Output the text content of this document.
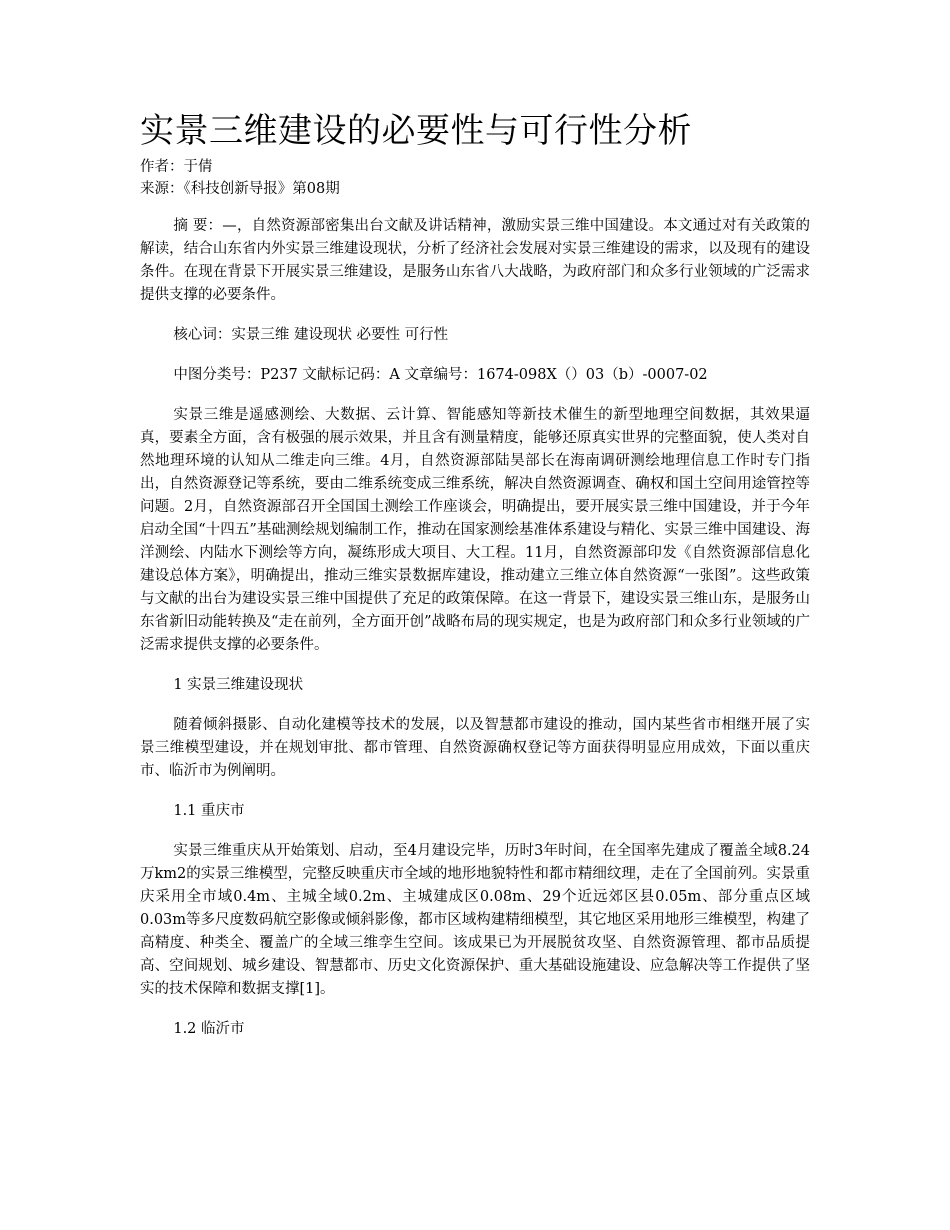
实景三维建设的必要性与可行性分析

作者：于倩

来源：《科技创新导报》第08期

摘 要：—，自然资源部密集出台文献及讲话精神，激励实景三维中国建设。本文通过对有关政策的解读，结合山东省内外实景三维建设现状，分析了经济社会发展对实景三维建设的需求，以及现有的建设条件。在现在背景下开展实景三维建设，是服务山东省八大战略，为政府部门和众多行业领域的广泛需求提供支撑的必要条件。

核心词：实景三维 建设现状 必要性 可行性

中图分类号：P237 文献标记码：A 文章编号：1674-098X（）03（b）-0007-02

实景三维是遥感测绘、大数据、云计算、智能感知等新技术催生的新型地理空间数据，其效果逼真，要素全方面，含有极强的展示效果，并且含有测量精度，能够还原真实世界的完整面貌，使人类对自然地理环境的认知从二维走向三维。4月，自然资源部陆昊部长在海南调研测绘地理信息工作时专门指出，自然资源登记等系统，要由二维系统变成三维系统，解决自然资源调查、确权和国土空间用途管控等问题。2月，自然资源部召开全国国土测绘工作座谈会，明确提出，要开展实景三维中国建设，并于今年启动全国“十四五”基础测绘规划编制工作，推动在国家测绘基准体系建设与精化、实景三维中国建设、海洋测绘、内陆水下测绘等方向，凝练形成大项目、大工程。11月，自然资源部印发《自然资源部信息化建设总体方案》，明确提出，推动三维实景数据库建设，推动建立三维立体自然资源“一张图”。这些政策与文献的出台为建设实景三维中国提供了充足的政策保障。在这一背景下，建设实景三维山东，是服务山东省新旧动能转换及“走在前列，全方面开创”战略布局的现实规定，也是为政府部门和众多行业领域的广泛需求提供支撑的必要条件。

1 实景三维建设现状

随着倾斜摄影、自动化建模等技术的发展，以及智慧都市建设的推动，国内某些省市相继开展了实景三维模型建设，并在规划审批、都市管理、自然资源确权登记等方面获得明显应用成效，下面以重庆市、临沂市为例阐明。

1.1 重庆市

实景三维重庆从开始策划、启动，至4月建设完毕，历时3年时间，在全国率先建成了覆盖全域8.24万km2的实景三维模型，完整反映重庆市全域的地形地貌特性和都市精细纹理，走在了全国前列。实景重庆采用全市域0.4m、主城全域0.2m、主城建成区0.08m、29个近远郊区县0.05m、部分重点区域0.03m等多尺度数码航空影像或倾斜影像，都市区域构建精细模型，其它地区采用地形三维模型，构建了高精度、种类全、覆盖广的全域三维孪生空间。该成果已为开展脱贫攻坚、自然资源管理、都市品质提高、空间规划、城乡建设、智慧都市、历史文化资源保护、重大基础设施建设、应急解决等工作提供了坚实的技术保障和数据支撑[1]。

1.2 临沂市
